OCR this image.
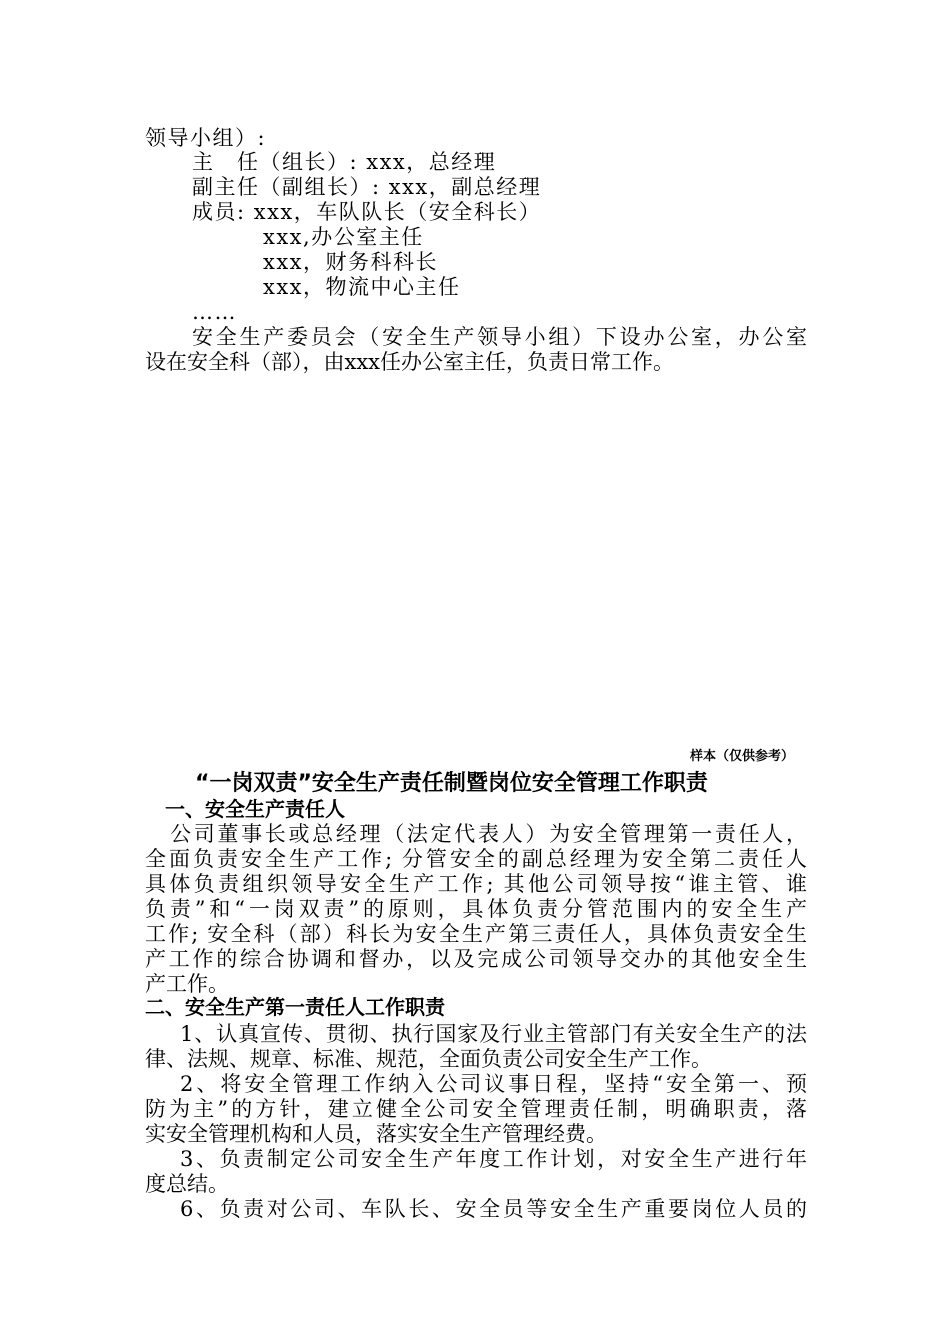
领导小组）:
主　任（组长）: xxx，总经理
副主任（副组长）: xxx，副总经理
成员: xxx，车队队长（安全科长）
xxx,办公室主任
xxx，财务科科长
xxx，物流中心主任
……
安全生产委员会（安全生产领导小组）下设办公室，办公室
设在安全科（部），由xxx任办公室主任，负责日常工作。
样本（仅供参考）
“一岗双责”安全生产责任制暨岗位安全管理工作职责
一、安全生产责任人
公司董事长或总经理（法定代表人）为安全管理第一责任人，
全面负责安全生产工作; 分管安全的副总经理为安全第二责任人
具体负责组织领导安全生产工作; 其他公司领导按“谁主管、谁
负责”和“一岗双责”的原则，具体负责分管范围内的安全生产
工作; 安全科（部）科长为安全生产第三责任人，具体负责安全生
产工作的综合协调和督办，以及完成公司领导交办的其他安全生
产工作。
二、安全生产第一责任人工作职责
1、认真宣传、贯彻、执行国家及行业主管部门有关安全生产的法
律、法规、规章、标准、规范，全面负责公司安全生产工作。
2、将安全管理工作纳入公司议事日程，坚持“安全第一、预
防为主”的方针，建立健全公司安全管理责任制，明确职责，落
实安全管理机构和人员，落实安全生产管理经费。
3、负责制定公司安全生产年度工作计划，对安全生产进行年
度总结。
6、负责对公司、车队长、安全员等安全生产重要岗位人员的
